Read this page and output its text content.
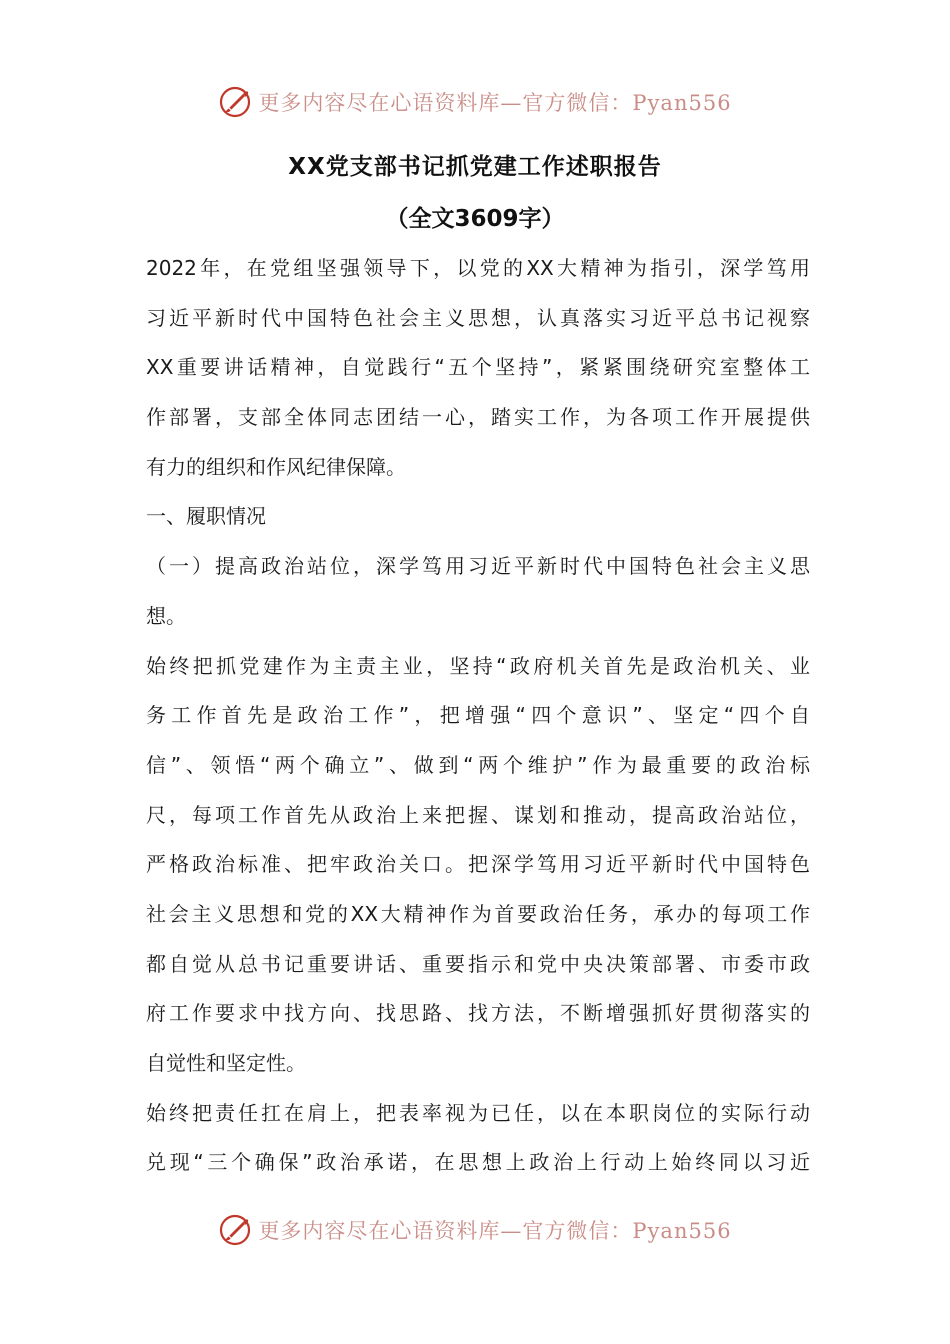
更多内容尽在心语资料库—官方微信：Pyan556
XX党支部书记抓党建工作述职报告
（全文3609字）
2022年，在党组坚强领导下，以党的XX大精神为指引，深学笃用
习近平新时代中国特色社会主义思想，认真落实习近平总书记视察
XX重要讲话精神，自觉践行“五个坚持”，紧紧围绕研究室整体工
作部署，支部全体同志团结一心，踏实工作，为各项工作开展提供
有力的组织和作风纪律保障。
一、履职情况
（一）提高政治站位，深学笃用习近平新时代中国特色社会主义思
想。
始终把抓党建作为主责主业，坚持“政府机关首先是政治机关、业
务工作首先是政治工作”，把增强“四个意识”、坚定“四个自
信”、领悟“两个确立”、做到“两个维护”作为最重要的政治标
尺，每项工作首先从政治上来把握、谋划和推动，提高政治站位，
严格政治标准、把牢政治关口。把深学笃用习近平新时代中国特色
社会主义思想和党的XX大精神作为首要政治任务，承办的每项工作
都自觉从总书记重要讲话、重要指示和党中央决策部署、市委市政
府工作要求中找方向、找思路、找方法，不断增强抓好贯彻落实的
自觉性和坚定性。
始终把责任扛在肩上，把表率视为已任，以在本职岗位的实际行动
兑现“三个确保”政治承诺，在思想上政治上行动上始终同以习近
更多内容尽在心语资料库—官方微信：Pyan556
